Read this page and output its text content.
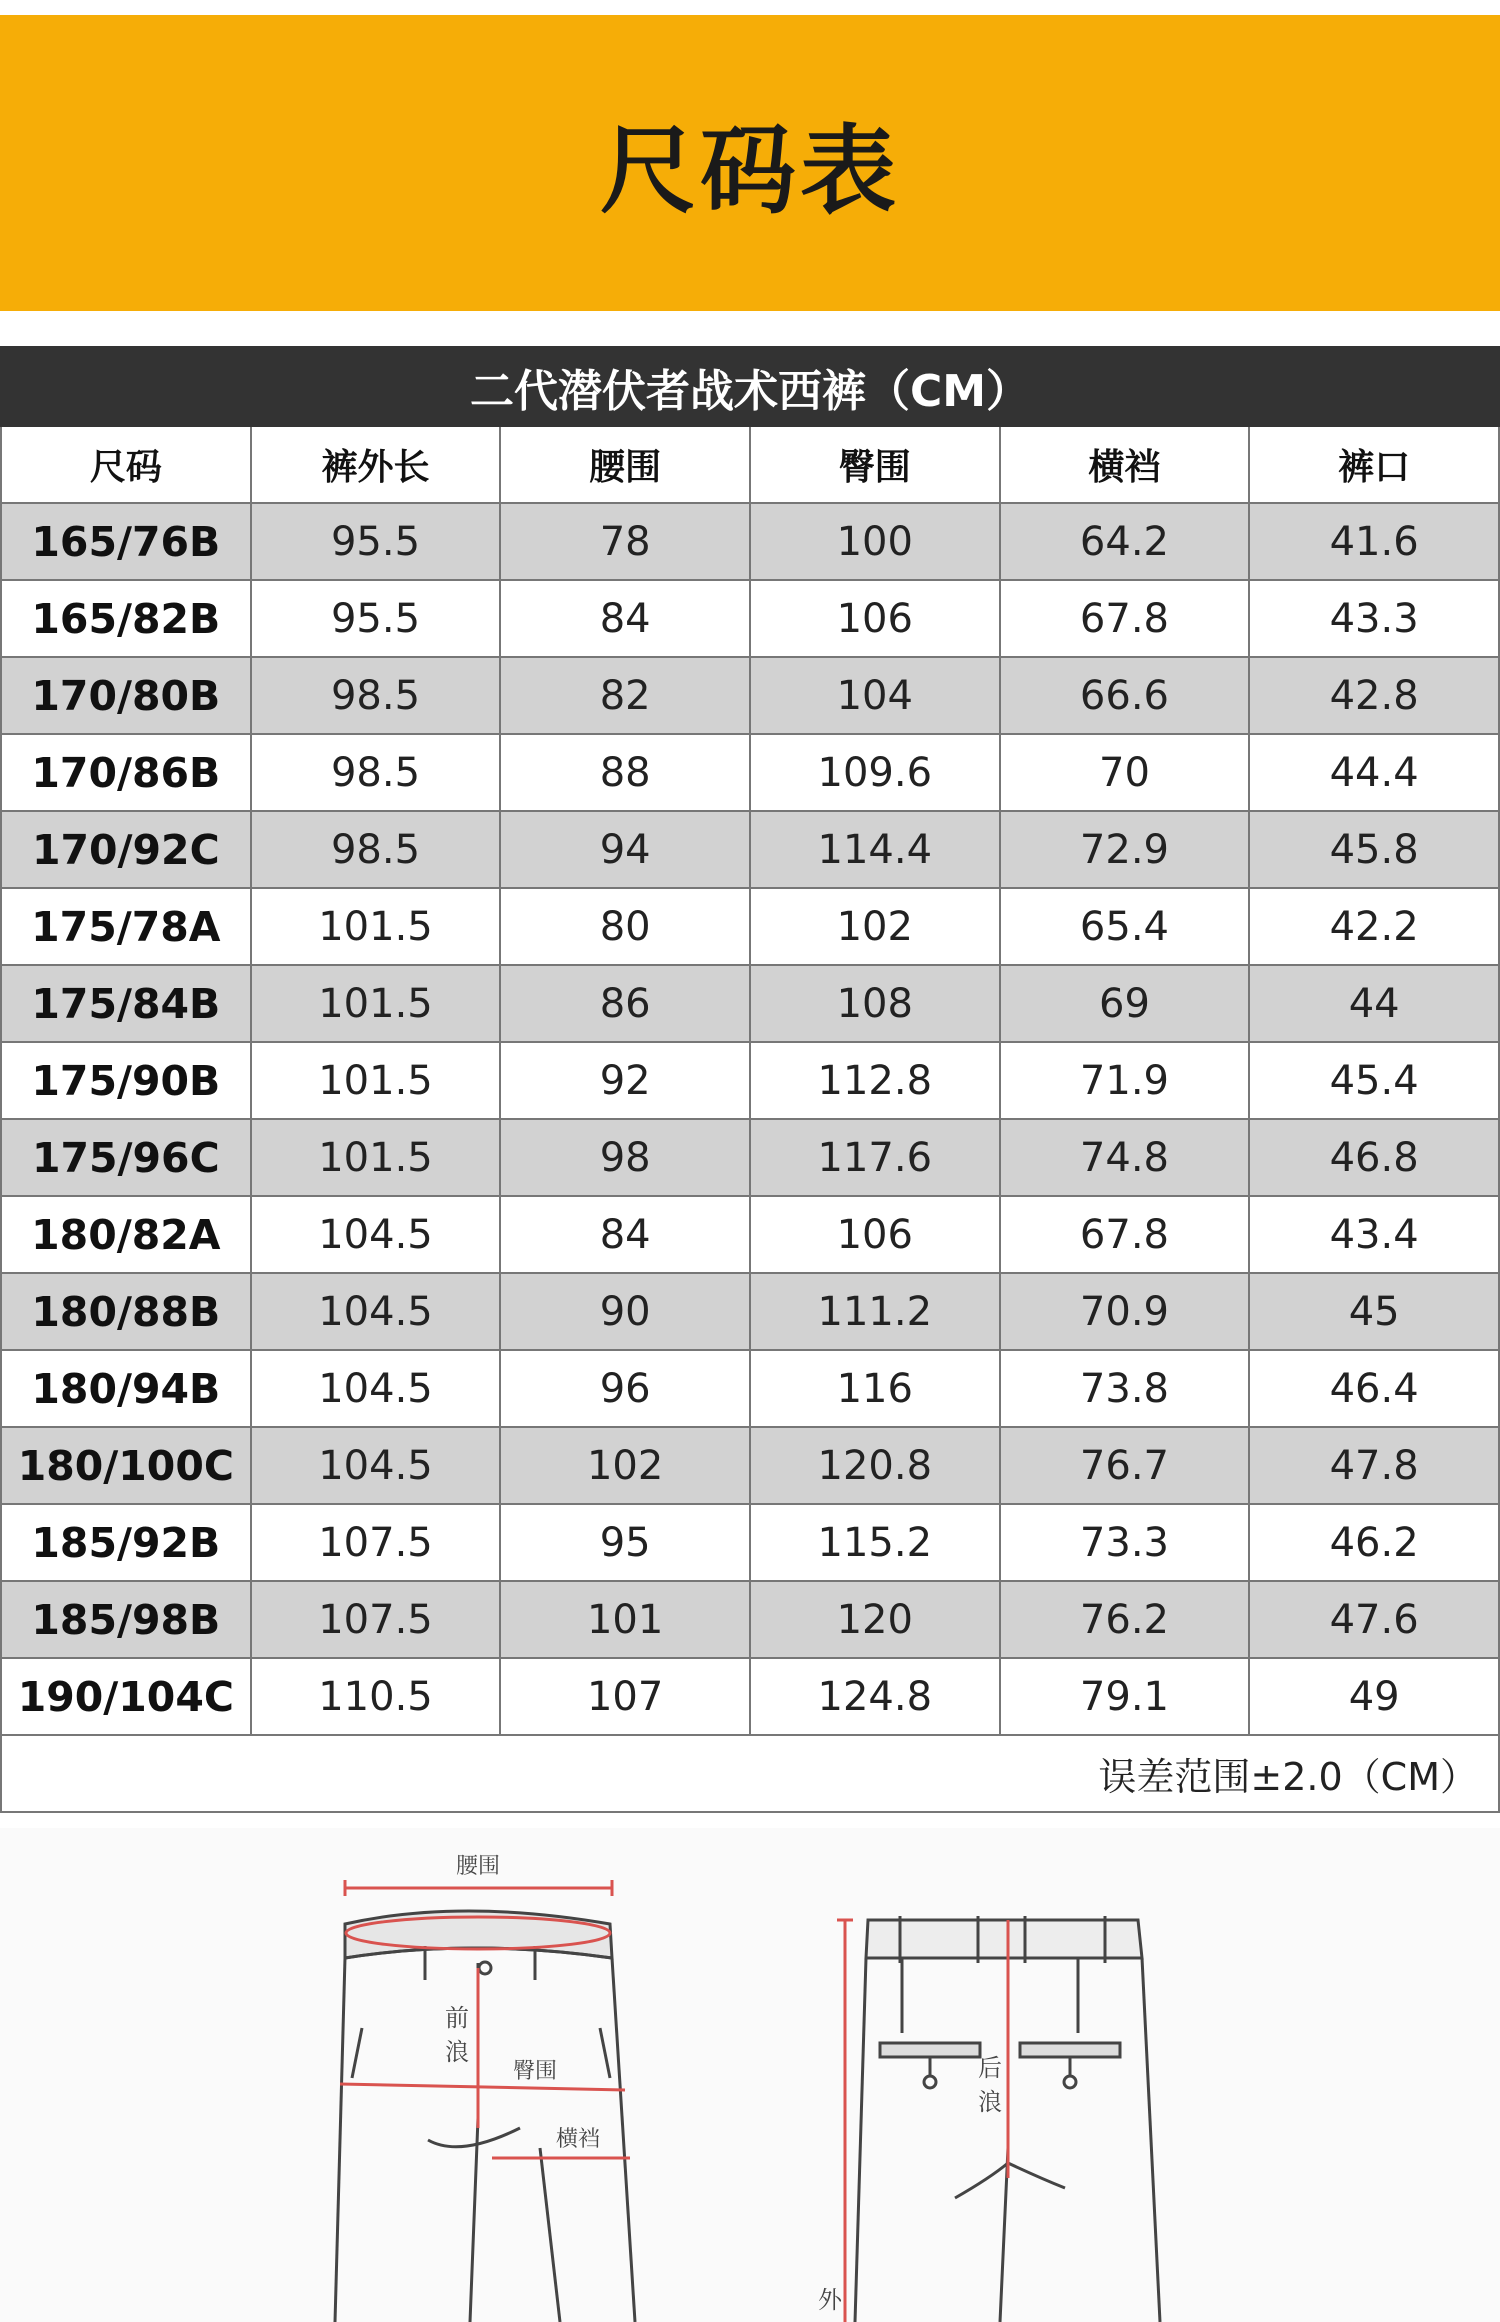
尺码表
二代潜伏者战术西裤（CM）					
尺码	裤外长	腰围	臀围	横裆	裤口
165/76B	95.5	78	100	64.2	41.6
165/82B	95.5	84	106	67.8	43.3
170/80B	98.5	82	104	66.6	42.8
170/86B	98.5	88	109.6	70	44.4
170/92C	98.5	94	114.4	72.9	45.8
175/78A	101.5	80	102	65.4	42.2
175/84B	101.5	86	108	69	44
175/90B	101.5	92	112.8	71.9	45.4
175/96C	101.5	98	117.6	74.8	46.8
180/82A	104.5	84	106	67.8	43.4
180/88B	104.5	90	111.2	70.9	45
180/94B	104.5	96	116	73.8	46.4
180/100C	104.5	102	120.8	76.7	47.8
185/92B	107.5	95	115.2	73.3	46.2
185/98B	107.5	101	120	76.2	47.6
190/104C	110.5	107	124.8	79.1	49
误差范围±2.0（CM）					
腰围
前
浪
臀围
横裆
后
浪
外
